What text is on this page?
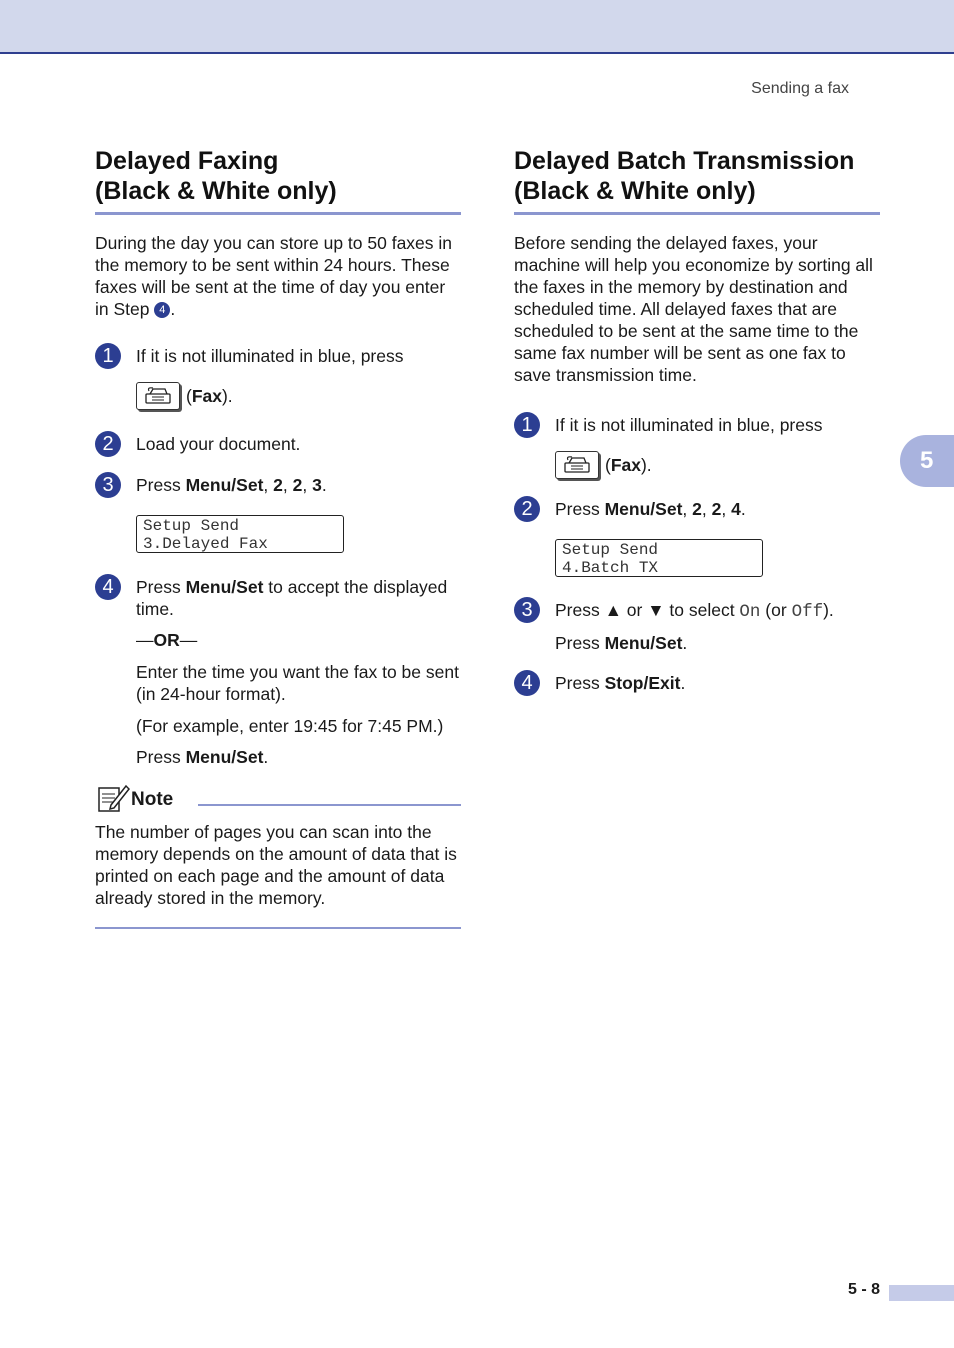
Sending a fax
Delayed Faxing
(Black & White only)

During the day you can store up to 50 faxes in the memory to be sent within 24 hours. These faxes will be sent at the time of day you enter in Step 4 .

1	If it is not illuminated in blue, press

( Fax ).
2	Load your document.

3	Press Menu/Set, 2, 2, 3.

Setup Send
3.Delayed Fax
4	Press Menu/Set to accept the displayed time.

—OR—

Enter the time you want the fax to be sent (in 24-hour format).

(For example, enter 19:45 for 7:45 PM.)

Press Menu/Set.

Note

The number of pages you can scan into the memory depends on the amount of data that is printed on each page and the amount of data already stored in the memory.

Delayed Batch Transmission
(Black & White only)

Before sending the delayed faxes, your machine will help you economize by sorting all the faxes in the memory by destination and scheduled time. All delayed faxes that are scheduled to be sent at the same time to the same fax number will be sent as one fax to save transmission time.

1	If it is not illuminated in blue, press

( Fax ).
2	Press Menu/Set, 2, 2, 4.

Setup Send
4.Batch TX
3	Press ▲ or ▼ to select On (or Off).

Press Menu/Set.

4	Press Stop/Exit.

5
5 - 8
